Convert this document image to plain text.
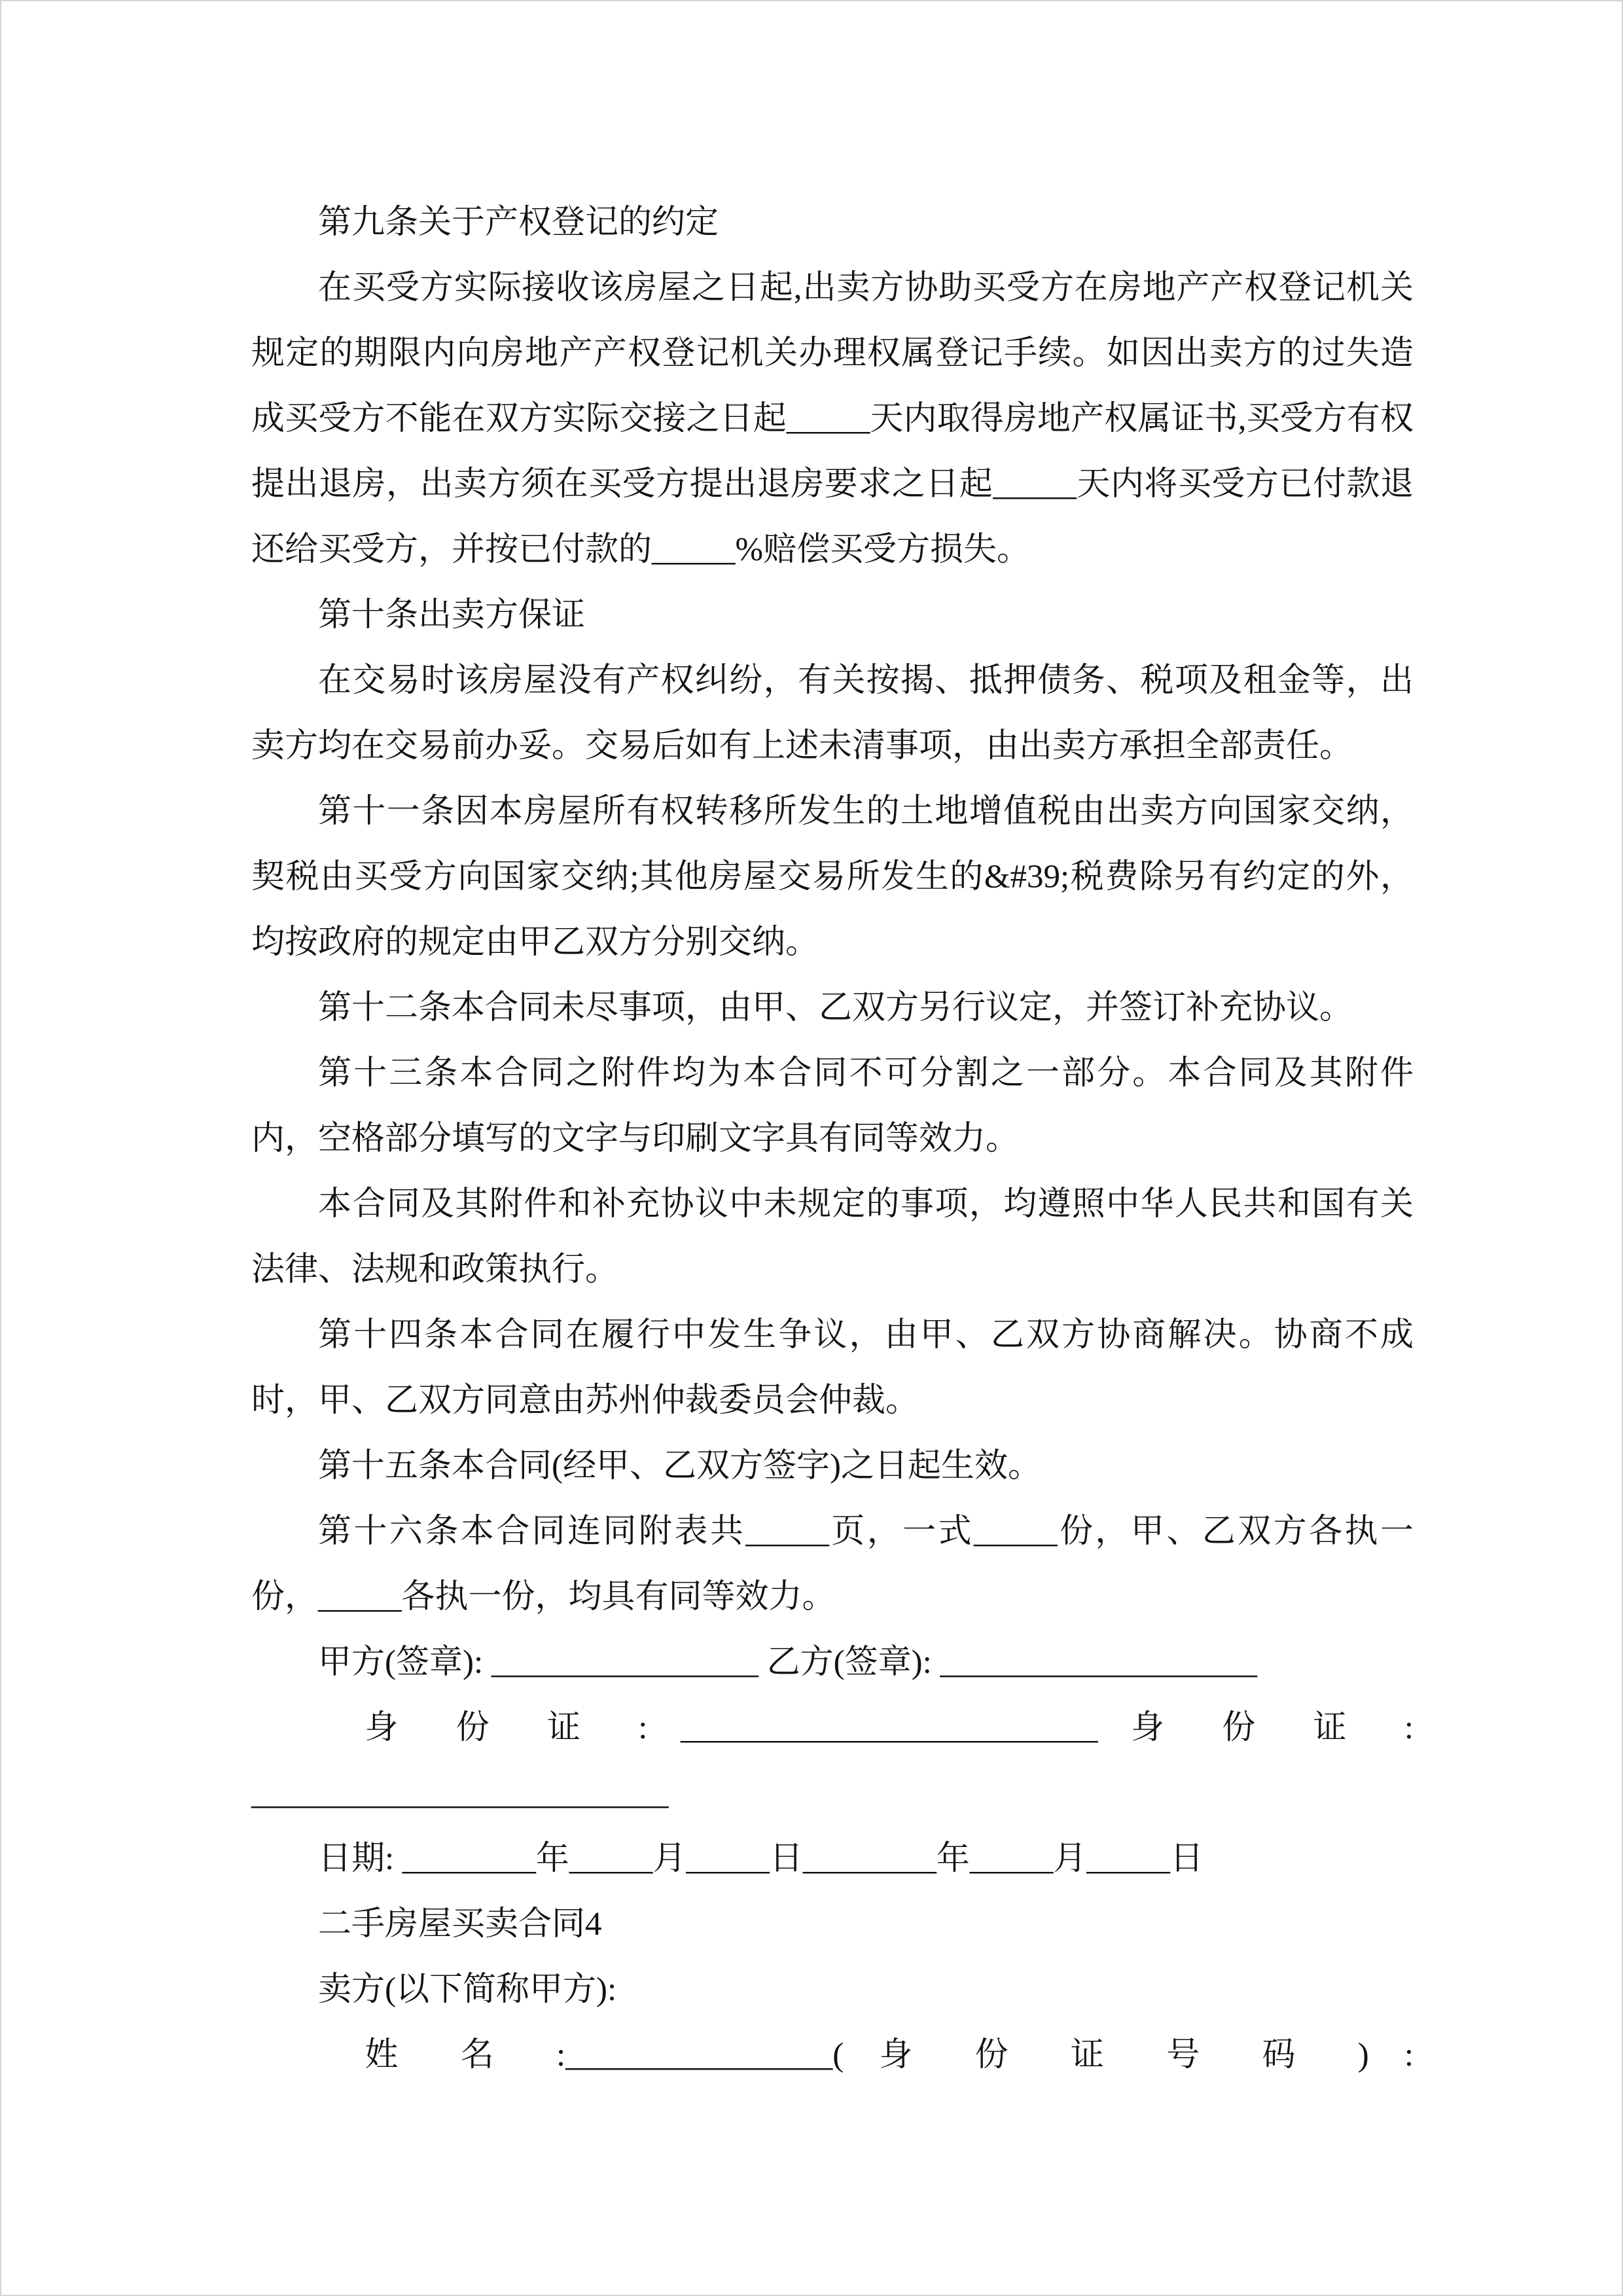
第九条关于产权登记的约定

在买受方实际接收该房屋之日起,出卖方协助买受方在房地产产权登记机关规定的期限内向房地产产权登记机关办理权属登记手续。如因出卖方的过失造成买受方不能在双方实际交接之日起_____天内取得房地产权属证书,买受方有权提出退房，出卖方须在买受方提出退房要求之日起_____天内将买受方已付款退还给买受方，并按已付款的_____%赔偿买受方损失。

第十条出卖方保证

在交易时该房屋没有产权纠纷，有关按揭、抵押债务、税项及租金等，出卖方均在交易前办妥。交易后如有上述未清事项，由出卖方承担全部责任。

第十一条因本房屋所有权转移所发生的土地增值税由出卖方向国家交纳，契税由买受方向国家交纳;其他房屋交易所发生的&#39;税费除另有约定的外，均按政府的规定由甲乙双方分别交纳。

第十二条本合同未尽事项，由甲、乙双方另行议定，并签订补充协议。

第十三条本合同之附件均为本合同不可分割之一部分。本合同及其附件内，空格部分填写的文字与印刷文字具有同等效力。

本合同及其附件和补充协议中未规定的事项，均遵照中华人民共和国有关法律、法规和政策执行。

第十四条本合同在履行中发生争议，由甲、乙双方协商解决。协商不成时，甲、乙双方同意由苏州仲裁委员会仲裁。

第十五条本合同(经甲、乙双方签字)之日起生效。

第十六条本合同连同附表共_____页，一式_____份，甲、乙双方各执一份，_____各执一份，均具有同等效力。

甲方(签章): ________________ 乙方(签章): ___________________

身 份 证 : _________________________ 身 份 证 :

_________________________

日期: ________年_____月_____日________年_____月_____日

二手房屋买卖合同4

卖方(以下简称甲方):

姓 名 :________________( 身 份 证 号 码 ) :
